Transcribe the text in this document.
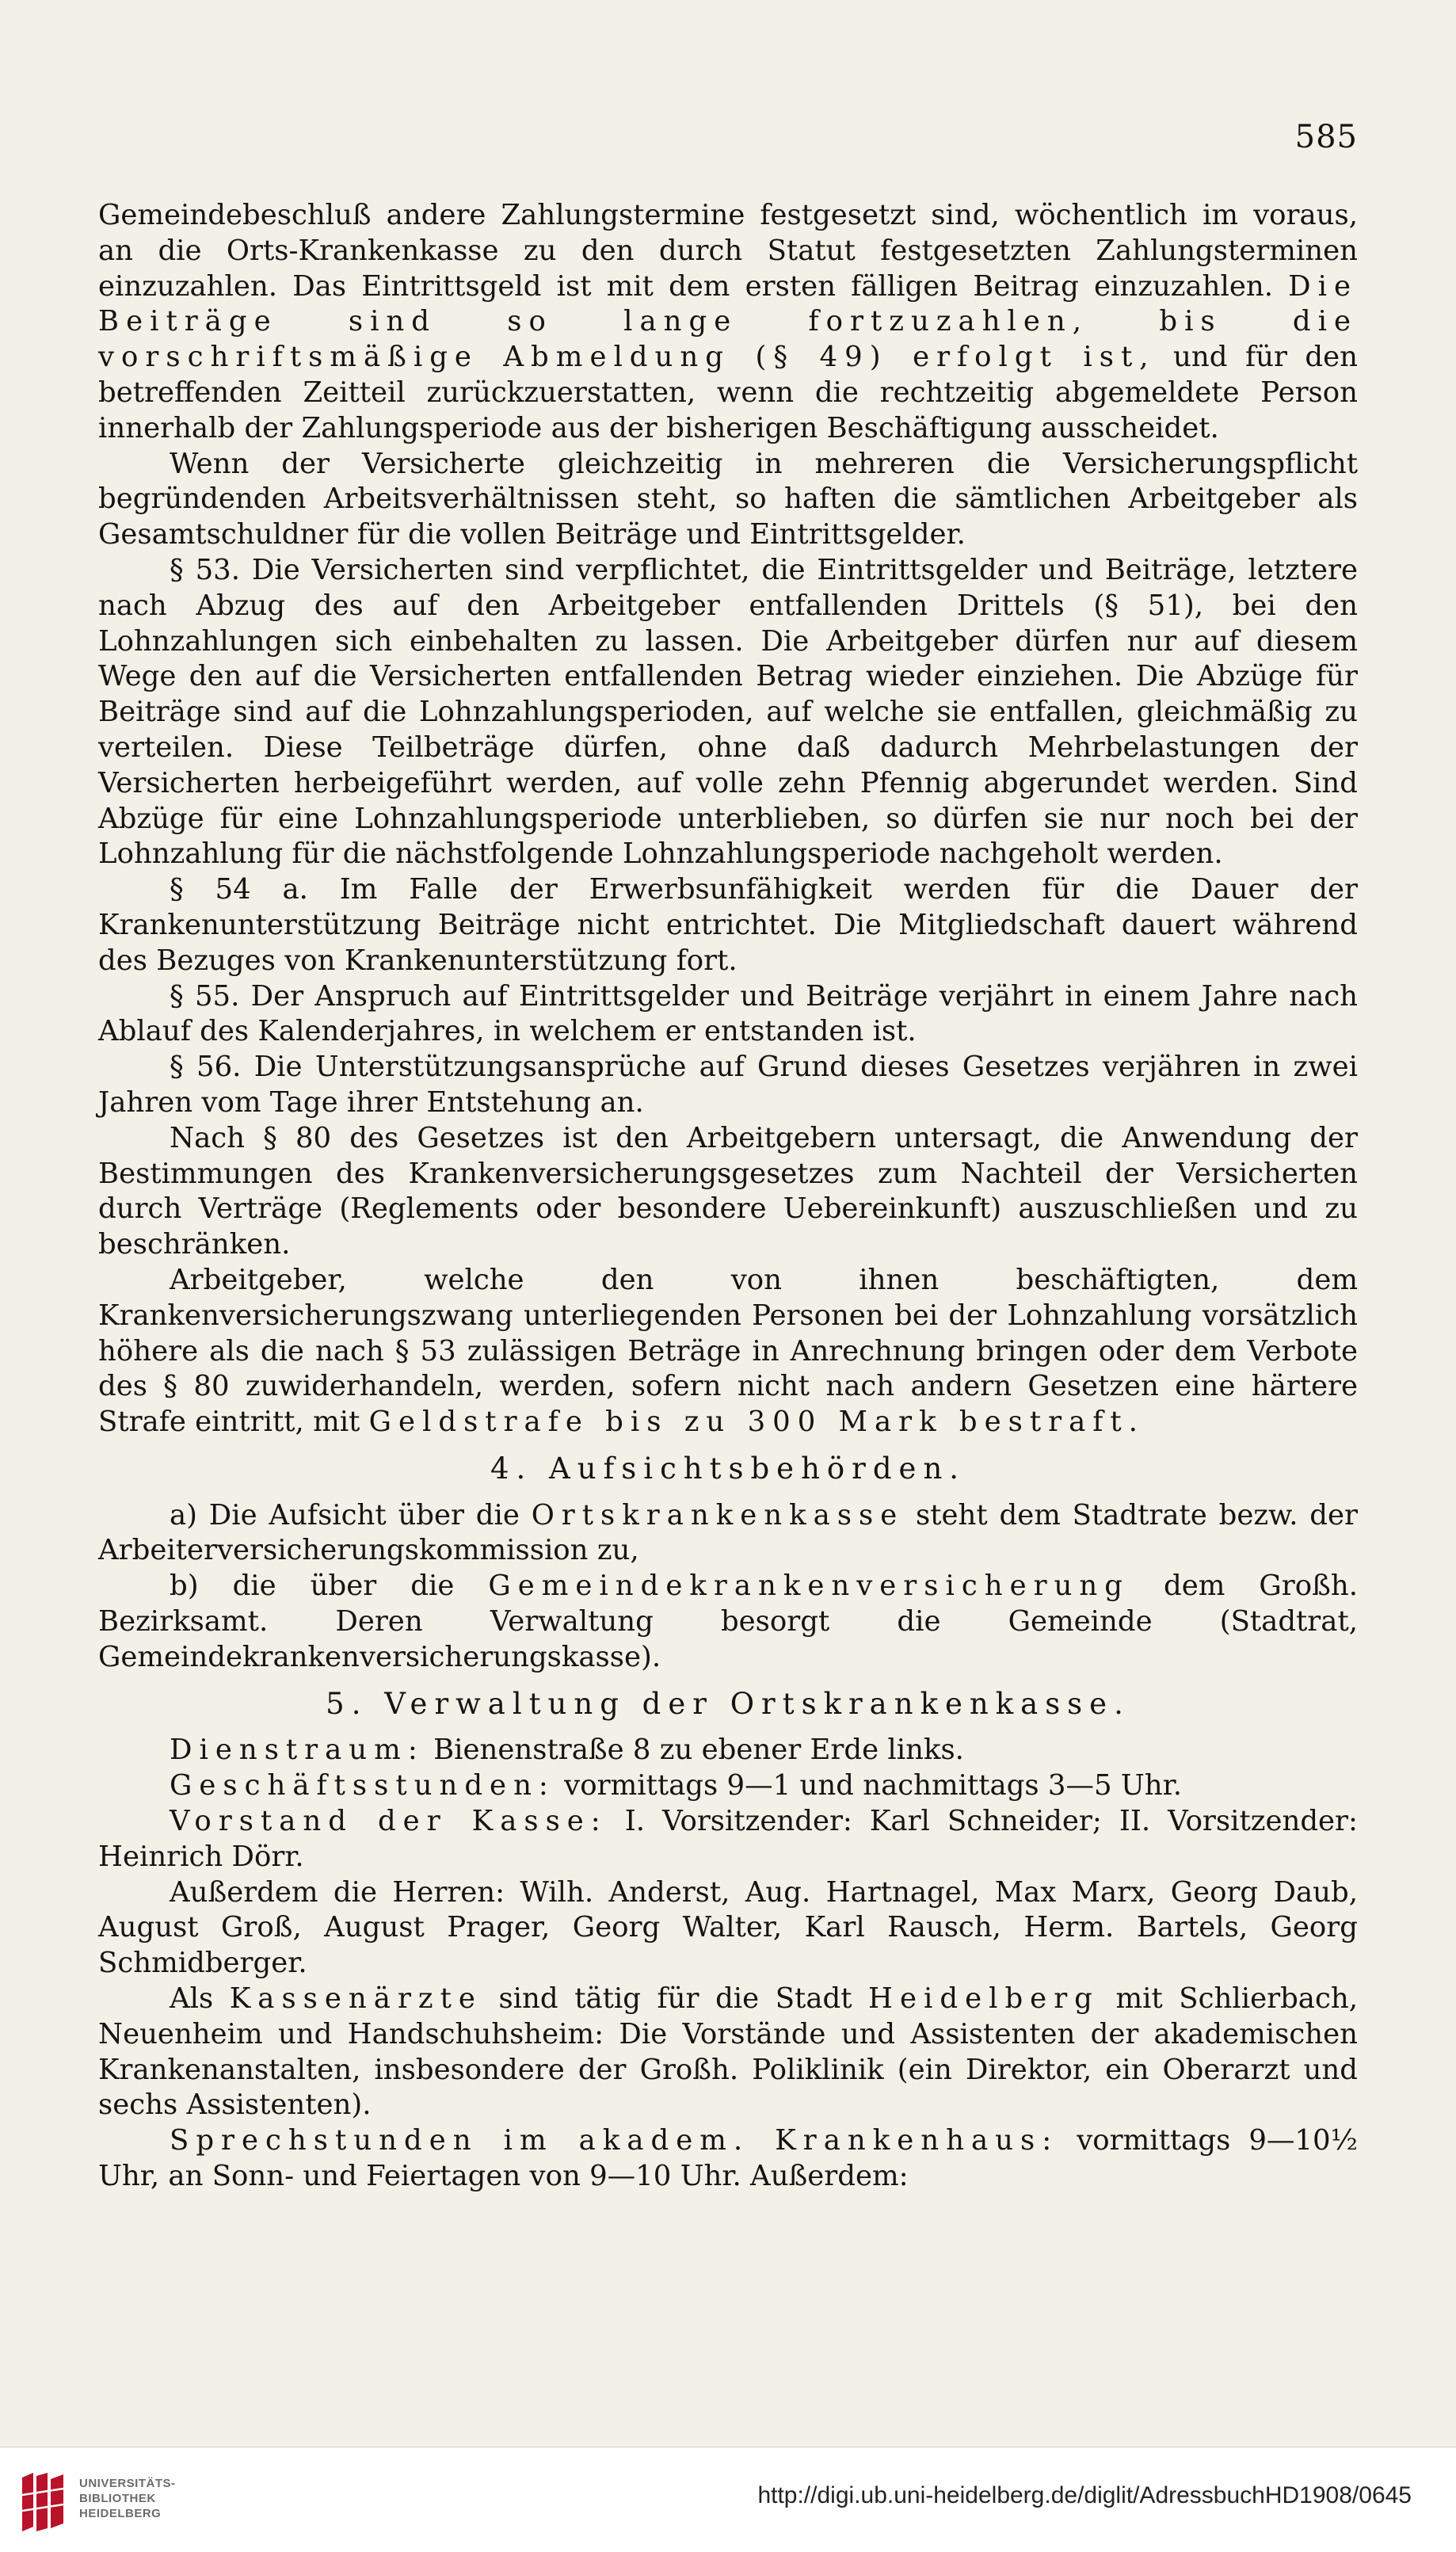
585

Gemeindebeschluß andere Zahlungstermine festgesetzt sind, wöchentlich im voraus, an die Orts-Krankenkasse zu den durch Statut festgesetzten Zahlungsterminen einzuzahlen. Das Eintrittsgeld ist mit dem ersten fälligen Beitrag einzuzahlen. Die Beiträge sind so lange fortzuzahlen, bis die vorschriftsmäßige Abmeldung (§ 49) erfolgt ist, und für den betreffenden Zeitteil zurückzuerstatten, wenn die rechtzeitig abgemeldete Person innerhalb der Zahlungsperiode aus der bisherigen Beschäftigung ausscheidet.

Wenn der Versicherte gleichzeitig in mehreren die Versicherungspflicht begründenden Arbeitsverhältnissen steht, so haften die sämtlichen Arbeitgeber als Gesamtschuldner für die vollen Beiträge und Eintrittsgelder.

§ 53. Die Versicherten sind verpflichtet, die Eintrittsgelder und Beiträge, letztere nach Abzug des auf den Arbeitgeber entfallenden Drittels (§ 51), bei den Lohnzahlungen sich einbehalten zu lassen. Die Arbeitgeber dürfen nur auf diesem Wege den auf die Versicherten entfallenden Betrag wieder einziehen. Die Abzüge für Beiträge sind auf die Lohnzahlungsperioden, auf welche sie entfallen, gleichmäßig zu verteilen. Diese Teilbeträge dürfen, ohne daß dadurch Mehrbelastungen der Versicherten herbeigeführt werden, auf volle zehn Pfennig abgerundet werden. Sind Abzüge für eine Lohnzahlungsperiode unterblieben, so dürfen sie nur noch bei der Lohnzahlung für die nächstfolgende Lohnzahlungsperiode nachgeholt werden.

§ 54 a. Im Falle der Erwerbsunfähigkeit werden für die Dauer der Krankenunterstützung Beiträge nicht entrichtet. Die Mitgliedschaft dauert während des Bezuges von Krankenunterstützung fort.

§ 55. Der Anspruch auf Eintrittsgelder und Beiträge verjährt in einem Jahre nach Ablauf des Kalenderjahres, in welchem er entstanden ist.

§ 56. Die Unterstützungsansprüche auf Grund dieses Gesetzes verjähren in zwei Jahren vom Tage ihrer Entstehung an.

Nach § 80 des Gesetzes ist den Arbeitgebern untersagt, die Anwendung der Bestimmungen des Krankenversicherungsgesetzes zum Nachteil der Versicherten durch Verträge (Reglements oder besondere Uebereinkunft) auszuschließen und zu beschränken.

Arbeitgeber, welche den von ihnen beschäftigten, dem Krankenversicherungszwang unterliegenden Personen bei der Lohnzahlung vorsätzlich höhere als die nach § 53 zulässigen Beträge in Anrechnung bringen oder dem Verbote des § 80 zuwiderhandeln, werden, sofern nicht nach andern Gesetzen eine härtere Strafe eintritt, mit Geldstrafe bis zu 300 Mark bestraft.

4. Aufsichtsbehörden.

a) Die Aufsicht über die Ortskrankenkasse steht dem Stadtrate bezw. der Arbeiterversicherungskommission zu,

b) die über die Gemeindekrankenversicherung dem Großh. Bezirksamt. Deren Verwaltung besorgt die Gemeinde (Stadtrat, Gemeindekrankenversicherungskasse).

5. Verwaltung der Ortskrankenkasse.

Dienstraum: Bienenstraße 8 zu ebener Erde links.

Geschäftsstunden: vormittags 9—1 und nachmittags 3—5 Uhr.

Vorstand der Kasse: I. Vorsitzender: Karl Schneider; II. Vorsitzender: Heinrich Dörr.

Außerdem die Herren: Wilh. Anderst, Aug. Hartnagel, Max Marx, Georg Daub, August Groß, August Prager, Georg Walter, Karl Rausch, Herm. Bartels, Georg Schmidberger.

Als Kassenärzte sind tätig für die Stadt Heidelberg mit Schlierbach, Neuenheim und Handschuhsheim: Die Vorstände und Assistenten der akademischen Krankenanstalten, insbesondere der Großh. Poliklinik (ein Direktor, ein Oberarzt und sechs Assistenten).

Sprechstunden im akadem. Krankenhaus: vormittags 9—10½ Uhr, an Sonn- und Feiertagen von 9—10 Uhr. Außerdem:

UNIVERSITÄTS-
BIBLIOTHEK
HEIDELBERG
http://digi.ub.uni-heidelberg.de/diglit/AdressbuchHD1908/0645
